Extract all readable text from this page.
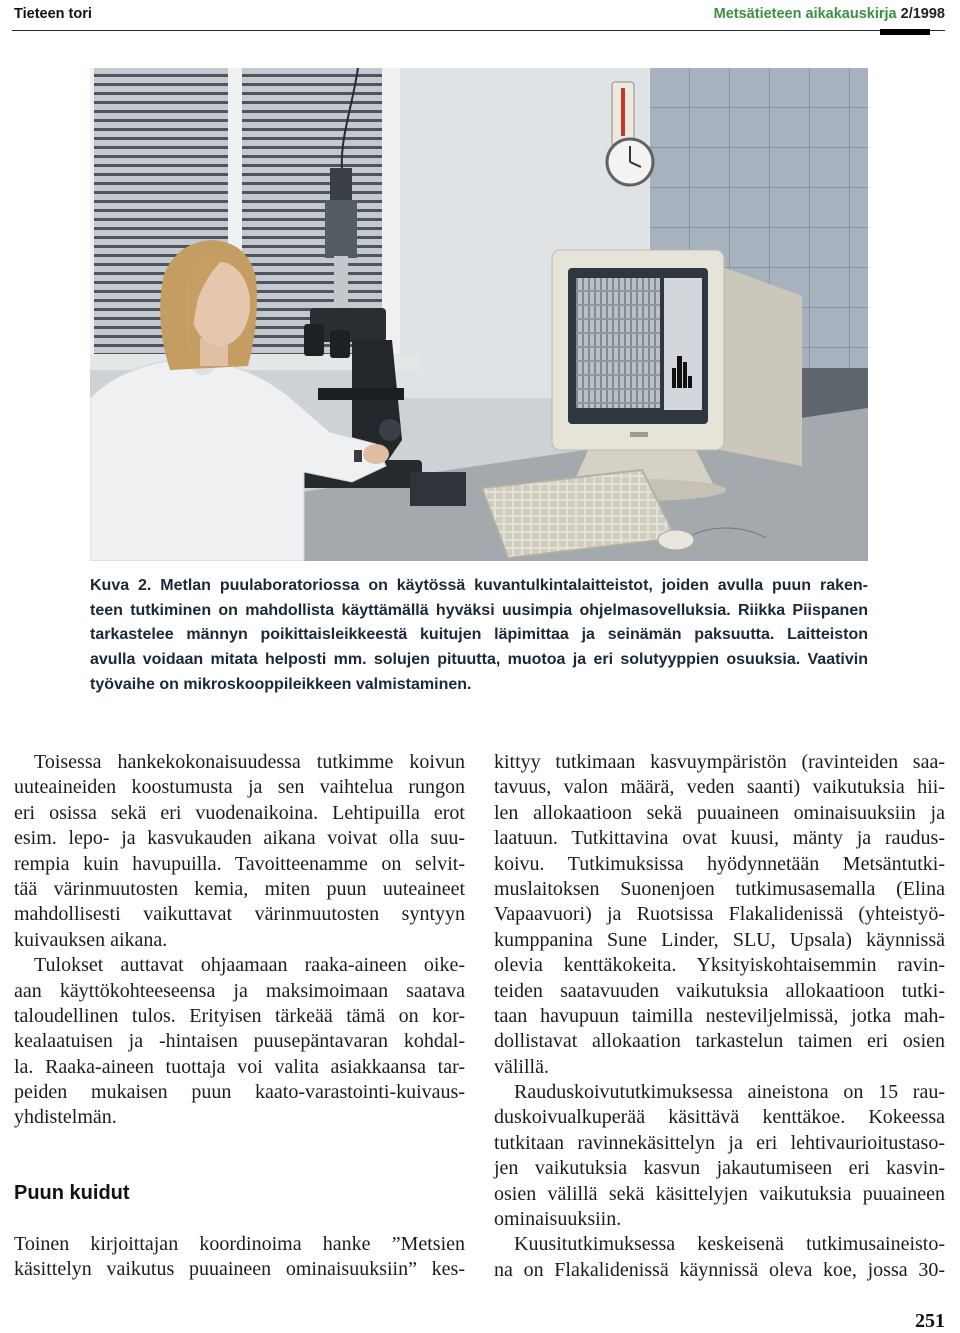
Tieteen tori	Metsätieteen aikakauskirja 2/1998
Kuva 2. Metlan puulaboratoriossa on käytössä kuvantulkintalaitteistot, joiden avulla puun raken-
teen tutkiminen on mahdollista käyttämällä hyväksi uusimpia ohjelmasovelluksia. Riikka Piispanen
tarkastelee männyn poikittaisleikkeestä kuitujen läpimittaa ja seinämän paksuutta. Laitteiston
avulla voidaan mitata helposti mm. solujen pituutta, muotoa ja eri solutyyppien osuuksia. Vaativin
työvaihe on mikroskooppileikkeen valmistaminen.
Toisessa hankekokonaisuudessa tutkimme koivun
uuteaineiden koostumusta ja sen vaihtelua rungon
eri osissa sekä eri vuodenaikoina. Lehtipuilla erot
esim. lepo- ja kasvukauden aikana voivat olla suu-
rempia kuin havupuilla. Tavoitteenamme on selvit-
tää värinmuutosten kemia, miten puun uuteaineet
mahdollisesti vaikuttavat värinmuutosten syntyyn
kuivauksen aikana.
Tulokset auttavat ohjaamaan raaka-aineen oike-
aan käyttökohteeseensa ja maksimoimaan saatava
taloudellinen tulos. Erityisen tärkeää tämä on kor-
kealaatuisen ja -hintaisen puusepäntavaran kohdal-
la. Raaka-aineen tuottaja voi valita asiakkaansa tar-
peiden mukaisen puun kaato-varastointi-kuivaus-
yhdistelmän.
Puun kuidut
Toinen kirjoittajan koordinoima hanke ”Metsien
käsittelyn vaikutus puuaineen ominaisuuksiin” kes-
kittyy tutkimaan kasvuympäristön (ravinteiden saa-
tavuus, valon määrä, veden saanti) vaikutuksia hii-
len allokaatioon sekä puuaineen ominaisuuksiin ja
laatuun. Tutkittavina ovat kuusi, mänty ja raudus-
koivu. Tutkimuksissa hyödynnetään Metsäntutki-
muslaitoksen Suonenjoen tutkimusasemalla (Elina
Vapaavuori) ja Ruotsissa Flakalidenissä (yhteistyö-
kumppanina Sune Linder, SLU, Upsala) käynnissä
olevia kenttäkokeita. Yksityiskohtaisemmin ravin-
teiden saatavuuden vaikutuksia allokaatioon tutki-
taan havupuun taimilla nesteviljelmissä, jotka mah-
dollistavat allokaation tarkastelun taimen eri osien
välillä.
Rauduskoivututkimuksessa aineistona on 15 rau-
duskoivualkuperää käsittävä kenttäkoe. Kokeessa
tutkitaan ravinnekäsittelyn ja eri lehtivaurioitustaso-
jen vaikutuksia kasvun jakautumiseen eri kasvin-
osien välillä sekä käsittelyjen vaikutuksia puuaineen
ominaisuuksiin.
Kuusitutkimuksessa keskeisenä tutkimusaineisto-
na on Flakalidenissä käynnissä oleva koe, jossa 30-
251
